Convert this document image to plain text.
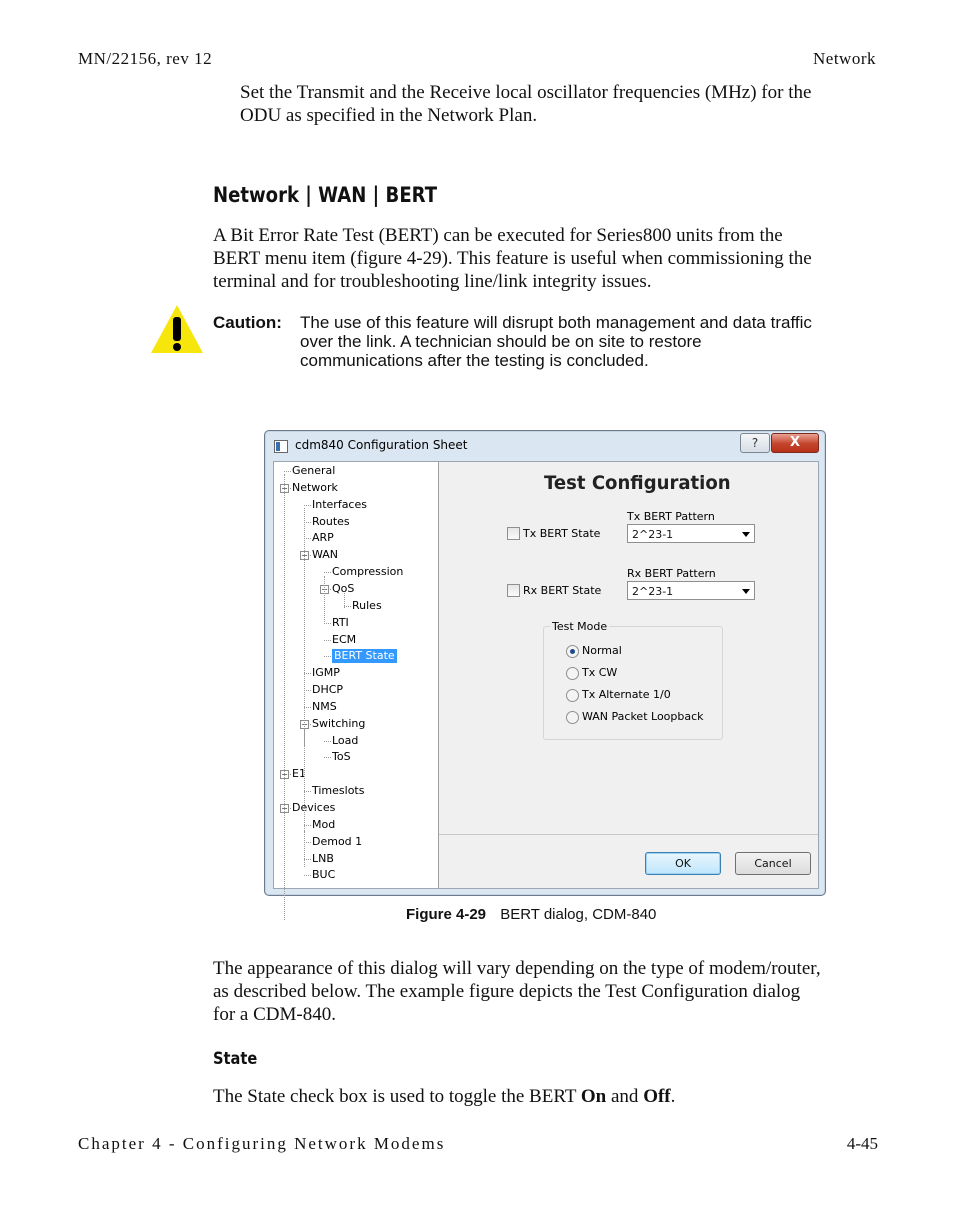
MN/22156, rev 12	Network
Set the Transmit and the Receive local oscillator frequencies (MHz) for the
ODU as specified in the Network Plan.
Network | WAN | BERT
A Bit Error Rate Test (BERT) can be executed for Series800 units from the
BERT menu item (figure 4-29). This feature is useful when commissioning the
terminal and for troubleshooting line/link integrity issues.
Caution: The use of this feature will disrupt both management and data traffic
over the link. A technician should be on site to restore
communications after the testing is concluded.
cdm840 Configuration Sheet	?	X
General
− Network
Interfaces
Routes
ARP
− WAN
Compression
− QoS
Rules
RTI
ECM
BERT State
IGMP
DHCP
NMS
− Switching
Load
ToS
− E1
Timeslots
− Devices
Mod
Demod 1
LNB
BUC
Test Configuration
Tx BERT Pattern
Tx BERT State	2^23-1
Rx BERT Pattern
Rx BERT State	2^23-1
Test Mode
Normal
Tx CW
Tx Alternate 1/0
WAN Packet Loopback
OK	Cancel
Figure 4-29 BERT dialog, CDM-840
The appearance of this dialog will vary depending on the type of modem/router,
as described below. The example figure depicts the Test Configuration dialog
for a CDM-840.
State
The State check box is used to toggle the BERT On and Off.
Chapter 4 - Configuring Network Modems	4-45
